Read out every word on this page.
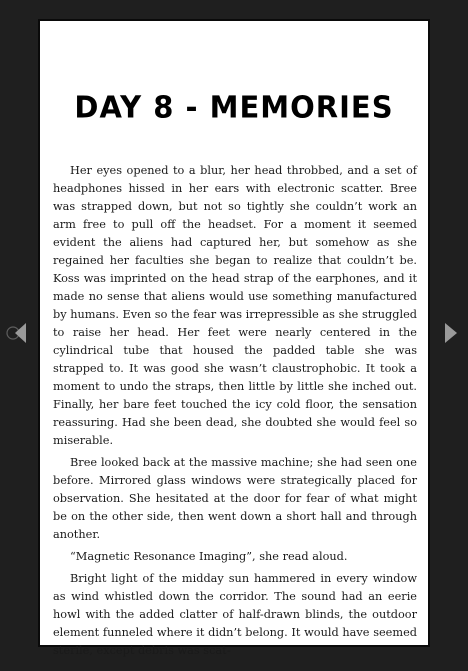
DAY 8 - MEMORIES

Her eyes opened to a blur, her head throbbed, and a set of headphones hissed in her ears with electronic scatter. Bree was strapped down, but not so tightly she couldn’t work an arm free to pull off the headset. For a moment it seemed evident the aliens had captured her, but somehow as she regained her faculties she began to realize that couldn’t be. Koss was imprinted on the head strap of the earphones, and it made no sense that aliens would use something manufactured by humans. Even so the fear was irrepressible as she struggled to raise her head. Her feet were nearly centered in the cylindrical tube that housed the padded table she was strapped to. It was good she wasn’t claustrophobic. It took a moment to undo the straps, then little by little she inched out. Finally, her bare feet touched the icy cold floor, the sensation reassuring. Had she been dead, she doubted she would feel so miserable.

Bree looked back at the massive machine; she had seen one before. Mirrored glass windows were strategically placed for observation. She hesitated at the door for fear of what might be on the other side, then went down a short hall and through another.

“Magnetic Resonance Imaging”, she read aloud.

Bright light of the midday sun hammered in every window as wind whistled down the corridor. The sound had an eerie howl with the added clatter of half-drawn blinds, the outdoor element funneled where it didn’t belong. It would have seemed sterile, except debris was scat-
